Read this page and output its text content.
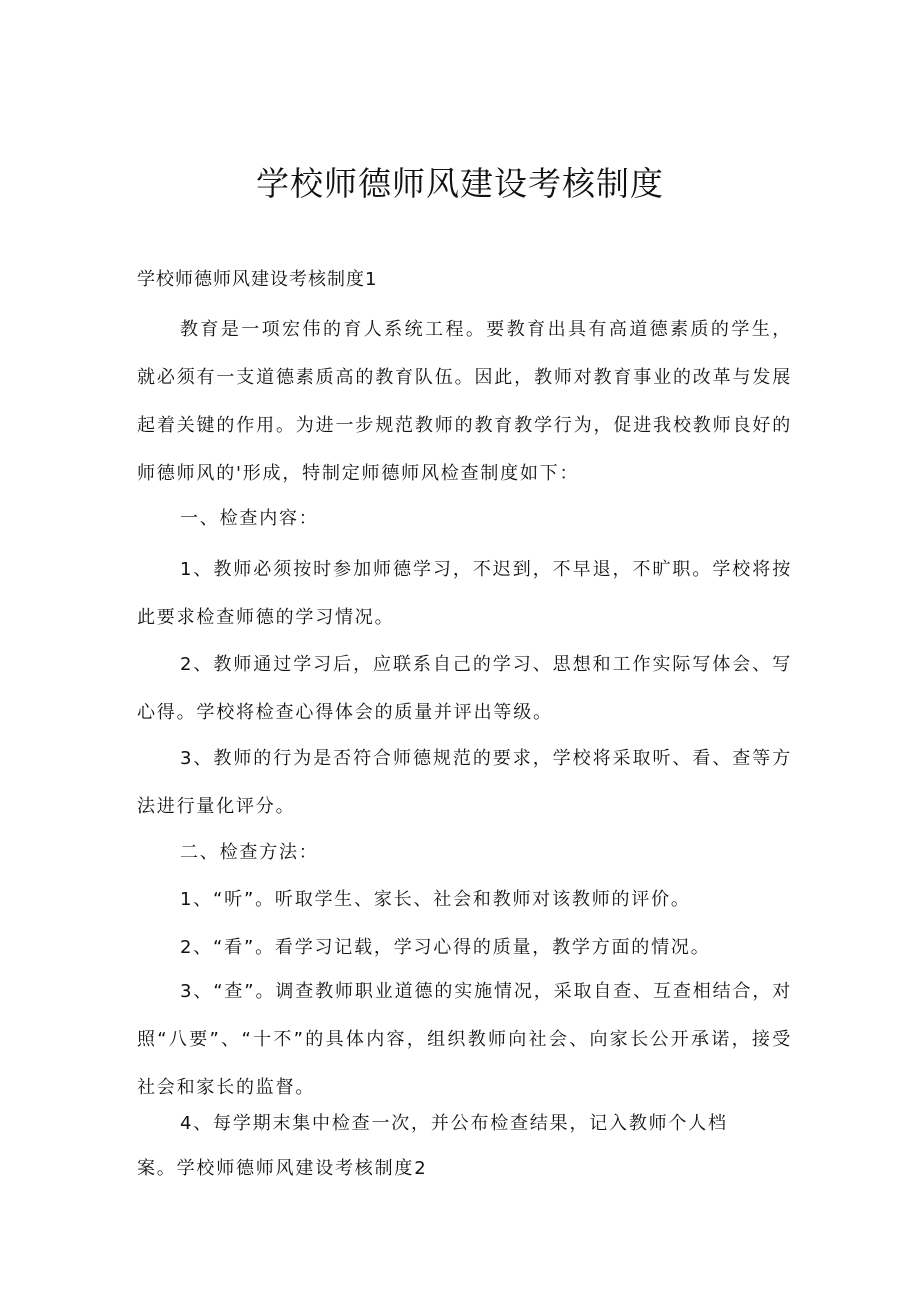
学校师德师风建设考核制度

学校师德师风建设考核制度1

教育是一项宏伟的育人系统工程。要教育出具有高道德素质的学生，就必须有一支道德素质高的教育队伍。因此，教师对教育事业的改革与发展起着关键的作用。为进一步规范教师的教育教学行为，促进我校教师良好的师德师风的'形成，特制定师德师风检查制度如下：

一、检查内容：

1、教师必须按时参加师德学习，不迟到，不早退，不旷职。学校将按此要求检查师德的学习情况。

2、教师通过学习后，应联系自己的学习、思想和工作实际写体会、写心得。学校将检查心得体会的质量并评出等级。

3、教师的行为是否符合师德规范的要求，学校将采取听、看、查等方法进行量化评分。

二、检查方法：

1、“听”。听取学生、家长、社会和教师对该教师的评价。

2、“看”。看学习记载，学习心得的质量，教学方面的情况。

3、“查”。调查教师职业道德的实施情况，采取自查、互查相结合，对照“八要”、“十不”的具体内容，组织教师向社会、向家长公开承诺，接受社会和家长的监督。

4、每学期末集中检查一次，并公布检查结果，记入教师个人档

案。学校师德师风建设考核制度2
